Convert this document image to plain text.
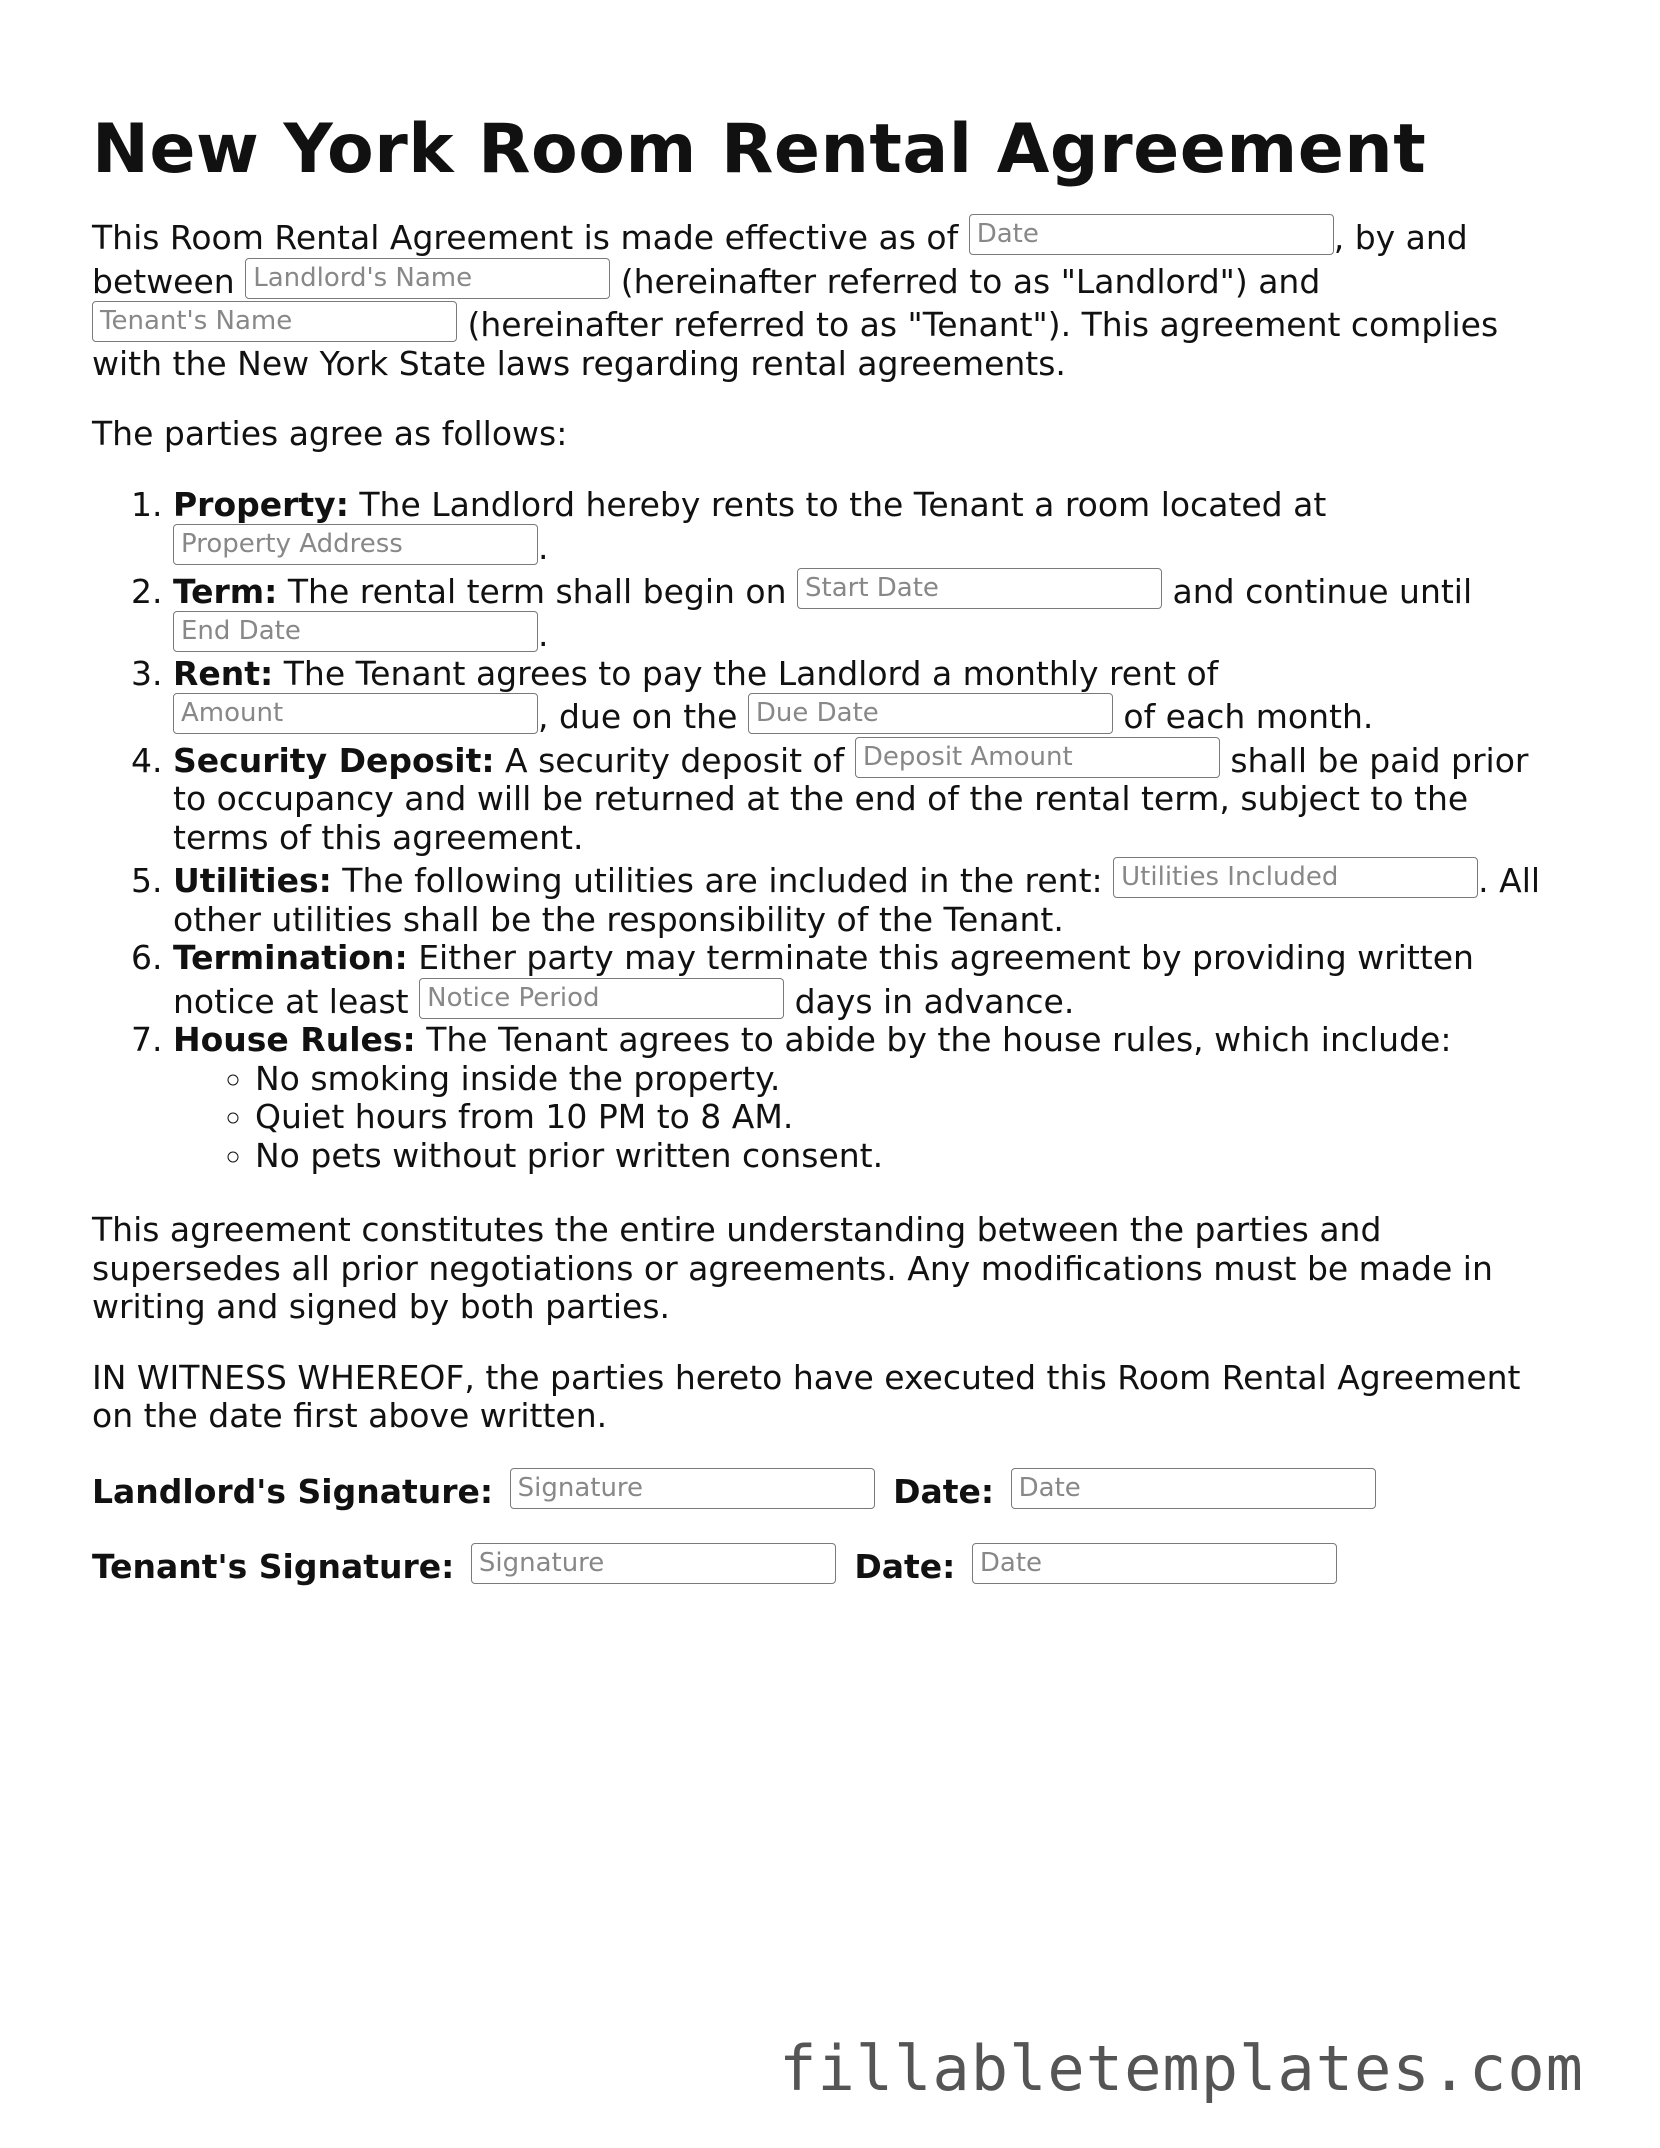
New York Room Rental Agreement

This Room Rental Agreement is made effective as of Date	, by and between Landlord's Name	(hereinafter referred to as "Landlord") and Tenant's Name	(hereinafter referred to as "Tenant"). This agreement complies with the New York State laws regarding rental agreements.

The parties agree as follows:

1. Property: The Landlord hereby rents to the Tenant a room located at Property Address	.
2. Term: The rental term shall begin on Start Date	and continue until End Date	.
3. Rent: The Tenant agrees to pay the Landlord a monthly rent of Amount	, due on the Due Date	of each month.
4. Security Deposit: A security deposit of Deposit Amount	shall be paid prior to occupancy and will be returned at the end of the rental term, subject to the terms of this agreement.
5. Utilities: The following utilities are included in the rent: Utilities Included	. All other utilities shall be the responsibility of the Tenant.
6. Termination: Either party may terminate this agreement by providing written notice at least Notice Period	days in advance.
7. House Rules: The Tenant agrees to abide by the house rules, which include:
◦ No smoking inside the property.
◦ Quiet hours from 10 PM to 8 AM.
◦ No pets without prior written consent.

This agreement constitutes the entire understanding between the parties and supersedes all prior negotiations or agreements. Any modifications must be made in writing and signed by both parties.

IN WITNESS WHEREOF, the parties hereto have executed this Room Rental Agreement on the date first above written.

Landlord's Signature: Signature	Date: Date
Tenant's Signature: Signature	Date: Date
fillabletemplates.com
